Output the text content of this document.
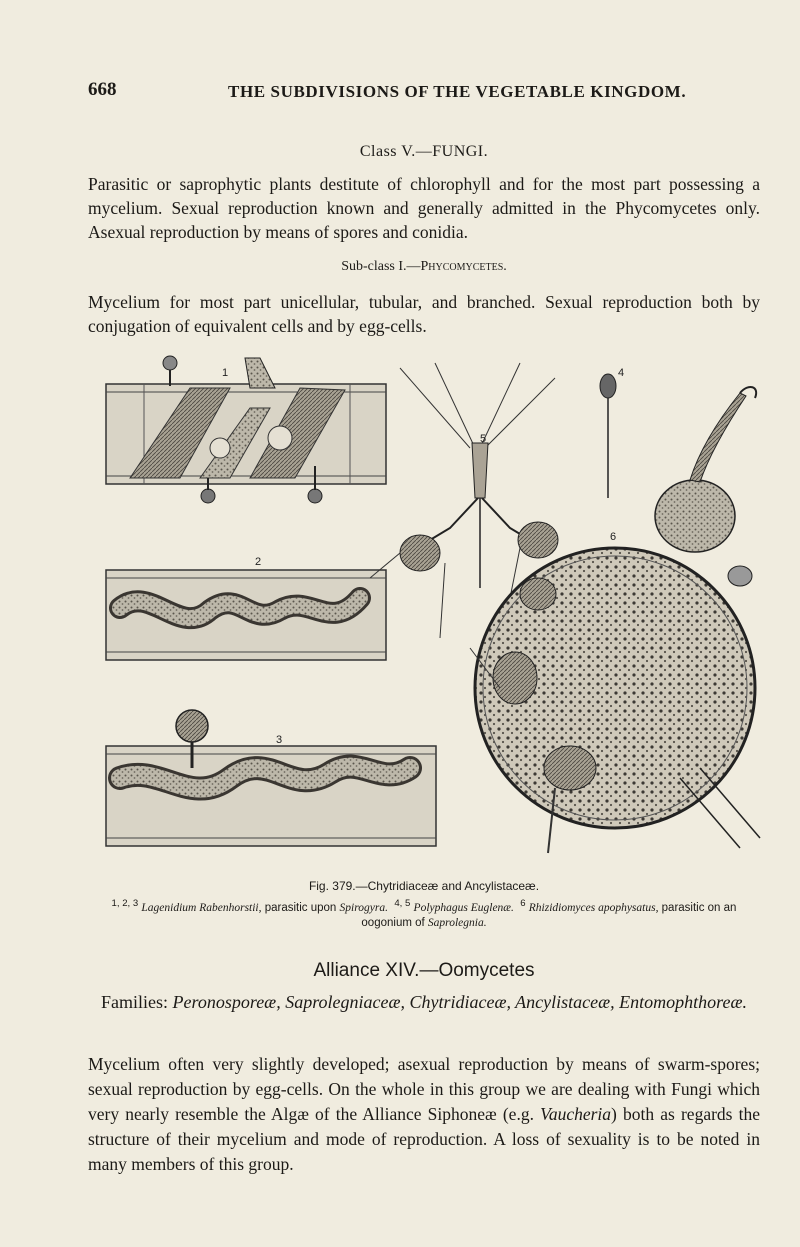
668	THE SUBDIVISIONS OF THE VEGETABLE KINGDOM.
Class V.—FUNGI.
Parasitic or saprophytic plants destitute of chlorophyll and for the most part possessing a mycelium. Sexual reproduction known and generally admitted in the Phycomycetes only. Asexual reproduction by means of spores and conidia.
Sub-class I.—Phycomycetes.
Mycelium for most part unicellular, tubular, and branched. Sexual reproduction both by conjugation of equivalent cells and by egg-cells.
1
2
3
5
4
6
Fig. 379.—Chytridiaceæ and Ancylistaceæ.
$^{1, 2, 3}$ Lagenidium Rabenhorstii, parasitic upon Spirogyra. $^{4, 5}$ Polyphagus Euglenæ. $^6$ Rhizidiomyces apophysatus, parasitic on an oogonium of Saprolegnia.
Alliance XIV.—Oomycetes
Families: Peronosporeæ, Saprolegniaceæ, Chytridiaceæ, Ancylistaceæ, Entomophthoreæ.
Mycelium often very slightly developed; asexual reproduction by means of swarm-spores; sexual reproduction by egg-cells. On the whole in this group we are dealing with Fungi which very nearly resemble the Algæ of the Alliance Siphoneæ (e.g. Vaucheria) both as regards the structure of their mycelium and mode of reproduction. A loss of sexuality is to be noted in many members of this group.
